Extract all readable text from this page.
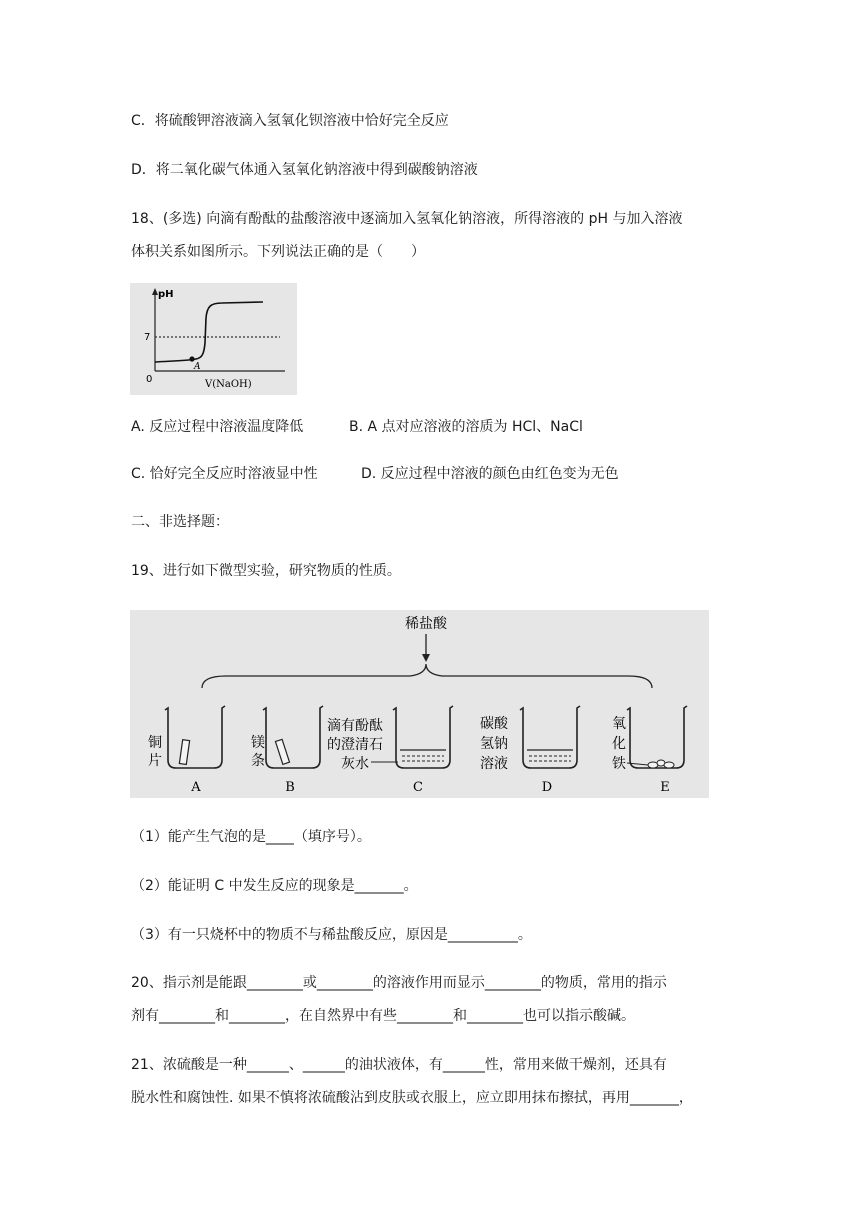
C．将硫酸钾溶液滴入氢氧化钡溶液中恰好完全反应
D．将二氧化碳气体通入氢氧化钠溶液中得到碳酸钠溶液
18、(多选) 向滴有酚酞的盐酸溶液中逐滴加入氢氧化钠溶液，所得溶液的 pH 与加入溶液
体积关系如图所示。下列说法正确的是（　　）
pH
7
0	V(NaOH)
A
A. 反应过程中溶液温度降低	B. A 点对应溶液的溶质为 HCl、NaCl
C. 恰好完全反应时溶液显中性	D. 反应过程中溶液的颜色由红色变为无色
二、非选择题：
19、进行如下微型实验，研究物质的性质。
稀盐酸
铜
片
A
镁
条
B
滴有酚酞
的澄清石
灰水
C
碳酸
氢钠
溶液
D
氧
化
铁
E
（1）能产生气泡的是____（填序号）。
（2）能证明 C 中发生反应的现象是_______。
（3）有一只烧杯中的物质不与稀盐酸反应，原因是__________。
20、指示剂是能跟________或________的溶液作用而显示________的物质，常用的指示
剂有________和________，在自然界中有些________和________也可以指示酸碱。
21、浓硫酸是一种______、______的油状液体，有______性，常用来做干燥剂，还具有
脱水性和腐蚀性. 如果不慎将浓硫酸沾到皮肤或衣服上，应立即用抹布擦拭，再用_______，
